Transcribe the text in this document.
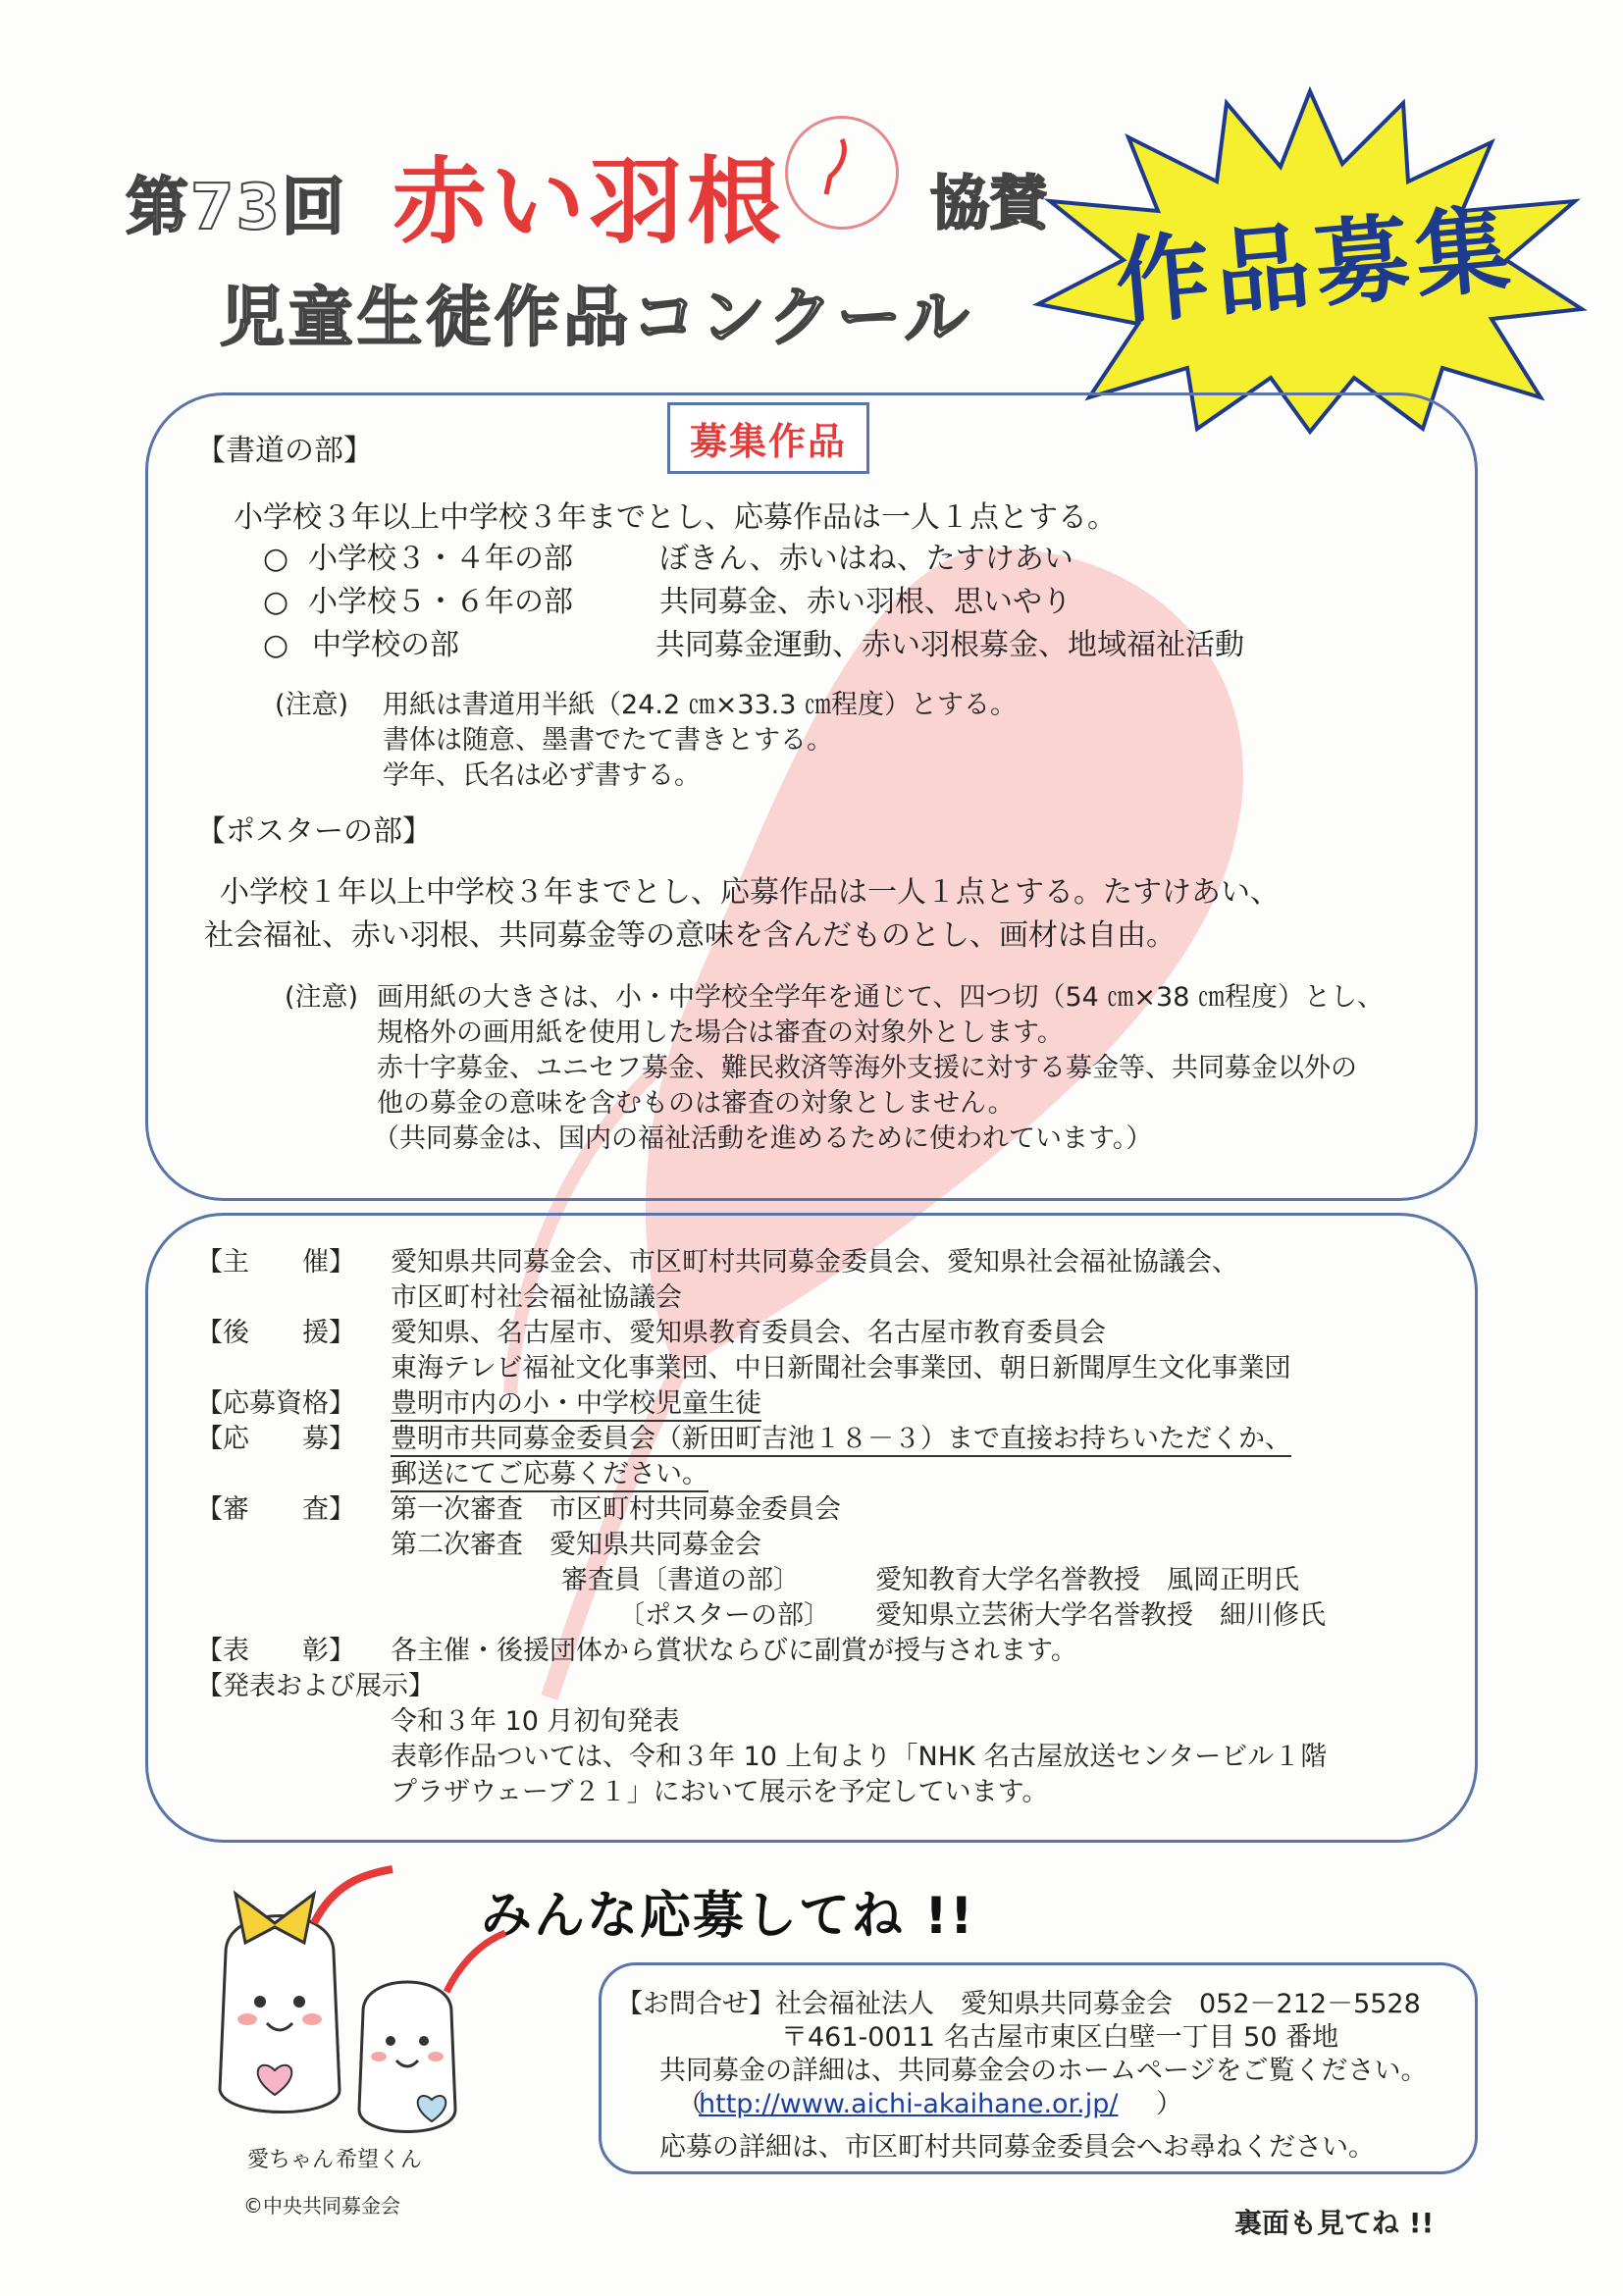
第73回 赤い羽根 協賛
児童生徒作品コンクール 作品募集
募集作品
【書道の部】
小学校３年以上中学校３年までとし、応募作品は一人１点とする。
○ 小学校３・４年の部	ぼきん、赤いはね、たすけあい
○ 小学校５・６年の部	共同募金、赤い羽根、思いやり
○ 中学校の部	共同募金運動、赤い羽根募金、地域福祉活動
(注意) 用紙は書道用半紙（24.2 ㎝×33.3 ㎝程度）とする。
書体は随意、墨書でたて書きとする。
学年、氏名は必ず書する。
【ポスターの部】
小学校１年以上中学校３年までとし、応募作品は一人１点とする。たすけあい、
社会福祉、赤い羽根、共同募金等の意味を含んだものとし、画材は自由。
(注意) 画用紙の大きさは、小・中学校全学年を通じて、四つ切（54 ㎝×38 ㎝程度）とし、
規格外の画用紙を使用した場合は審査の対象外とします。
赤十字募金、ユニセフ募金、難民救済等海外支援に対する募金等、共同募金以外の
他の募金の意味を含むものは審査の対象としません。
（共同募金は、国内の福祉活動を進めるために使われています。）
【主　　催】 愛知県共同募金会、市区町村共同募金委員会、愛知県社会福祉協議会、
市区町村社会福祉協議会
【後　　援】 愛知県、名古屋市、愛知県教育委員会、名古屋市教育委員会
東海テレビ福祉文化事業団、中日新聞社会事業団、朝日新聞厚生文化事業団
【応募資格】 豊明市内の小・中学校児童生徒
【応　　募】 豊明市共同募金委員会（新田町吉池１８－３）まで直接お持ちいただくか、
郵送にてご応募ください。
【審　　査】 第一次審査　市区町村共同募金委員会
第二次審査　愛知県共同募金会
審査員〔書道の部〕	愛知教育大学名誉教授　風岡正明氏
〔ポスターの部〕 愛知県立芸術大学名誉教授　細川修氏
【表　　彰】 各主催・後援団体から賞状ならびに副賞が授与されます。
【発表および展示】
令和３年 10 月初旬発表
表彰作品ついては、令和３年 10 上旬より「NHK 名古屋放送センタービル１階
プラザウェーブ２１」において展示を予定しています。
みんな応募してね !!
愛ちゃん 希望くん
©中央共同募金会
【お問合せ】 社会福祉法人　愛知県共同募金会　052－212－5528
〒461-0011 名古屋市東区白壁一丁目 50 番地
共同募金の詳細は、共同募金会のホームページをご覧ください。
（
http://www.aichi-akaihane.or.jp/ ）
応募の詳細は、市区町村共同募金委員会へお尋ねください。
裏面も見てね !!
